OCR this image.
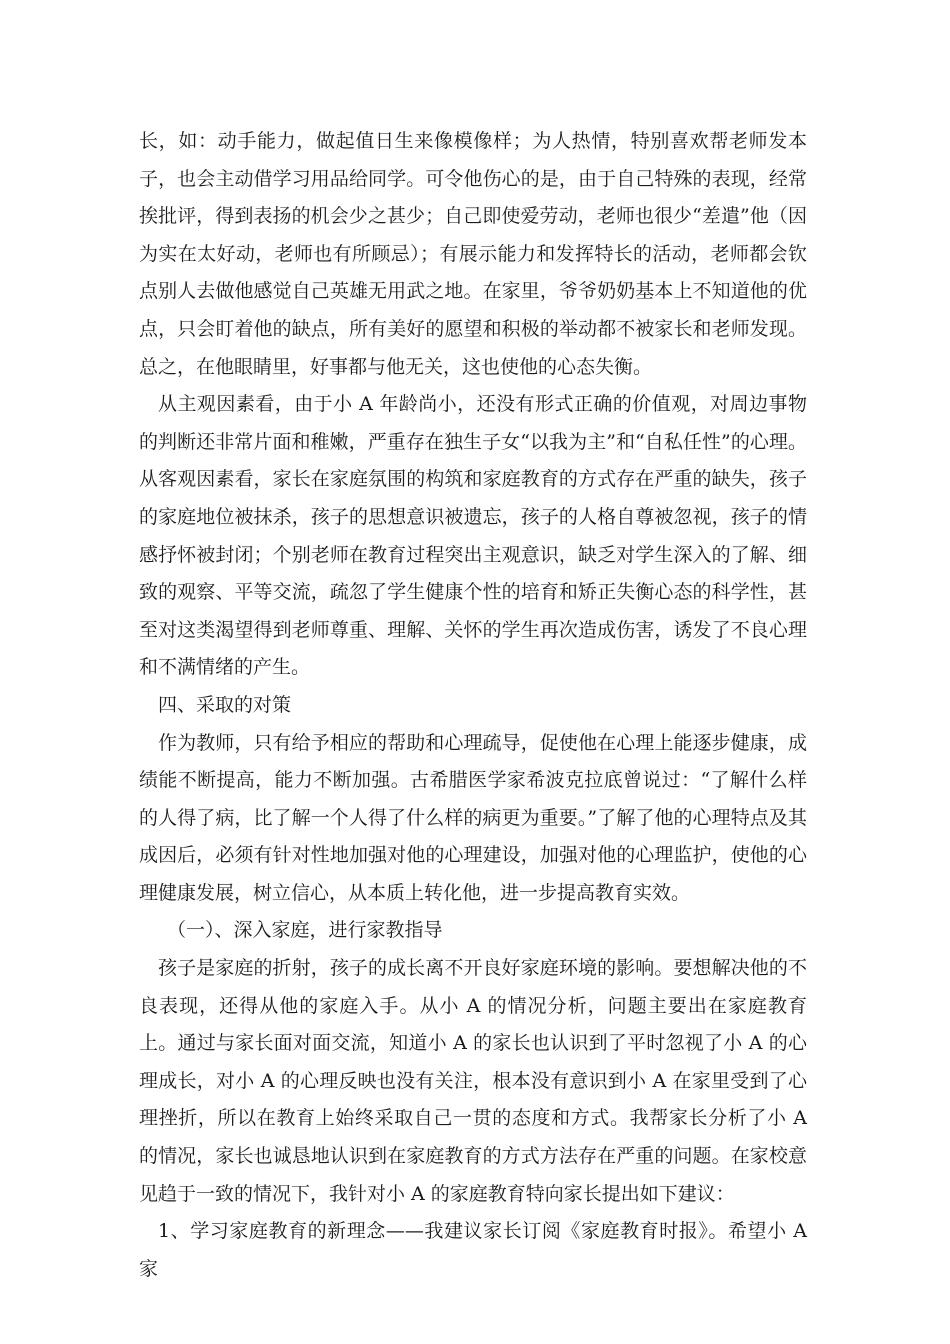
长，如：动手能力，做起值日生来像模像样；为人热情，特别喜欢帮老师发本子，也会主动借学习用品给同学。可令他伤心的是，由于自己特殊的表现，经常挨批评，得到表扬的机会少之甚少；自己即使爱劳动，老师也很少“差遣”他（因为实在太好动，老师也有所顾忌）；有展示能力和发挥特长的活动，老师都会钦点别人去做他感觉自己英雄无用武之地。在家里，爷爷奶奶基本上不知道他的优点，只会盯着他的缺点，所有美好的愿望和积极的举动都不被家长和老师发现。总之，在他眼睛里，好事都与他无关，这也使他的心态失衡。

从主观因素看，由于小 A 年龄尚小，还没有形式正确的价值观，对周边事物的判断还非常片面和稚嫩，严重存在独生子女“以我为主”和“自私任性”的心理。从客观因素看，家长在家庭氛围的构筑和家庭教育的方式存在严重的缺失，孩子的家庭地位被抹杀，孩子的思想意识被遗忘，孩子的人格自尊被忽视，孩子的情感抒怀被封闭；个别老师在教育过程突出主观意识，缺乏对学生深入的了解、细致的观察、平等交流，疏忽了学生健康个性的培育和矫正失衡心态的科学性，甚至对这类渴望得到老师尊重、理解、关怀的学生再次造成伤害，诱发了不良心理和不满情绪的产生。

四、采取的对策

作为教师，只有给予相应的帮助和心理疏导，促使他在心理上能逐步健康，成绩能不断提高，能力不断加强。古希腊医学家希波克拉底曾说过：“了解什么样的人得了病，比了解一个人得了什么样的病更为重要。”了解了他的心理特点及其成因后，必须有针对性地加强对他的心理建设，加强对他的心理监护，使他的心理健康发展，树立信心，从本质上转化他，进一步提高教育实效。

（一）、深入家庭，进行家教指导

孩子是家庭的折射，孩子的成长离不开良好家庭环境的影响。要想解决他的不良表现，还得从他的家庭入手。从小 A 的情况分析，问题主要出在家庭教育上。通过与家长面对面交流，知道小 A 的家长也认识到了平时忽视了小 A 的心理成长，对小 A 的心理反映也没有关注，根本没有意识到小 A 在家里受到了心理挫折，所以在教育上始终采取自己一贯的态度和方式。我帮家长分析了小 A 的情况，家长也诚恳地认识到在家庭教育的方式方法存在严重的问题。在家校意见趋于一致的情况下，我针对小 A 的家庭教育特向家长提出如下建议：

1、学习家庭教育的新理念——我建议家长订阅《家庭教育时报》。希望小 A 家
